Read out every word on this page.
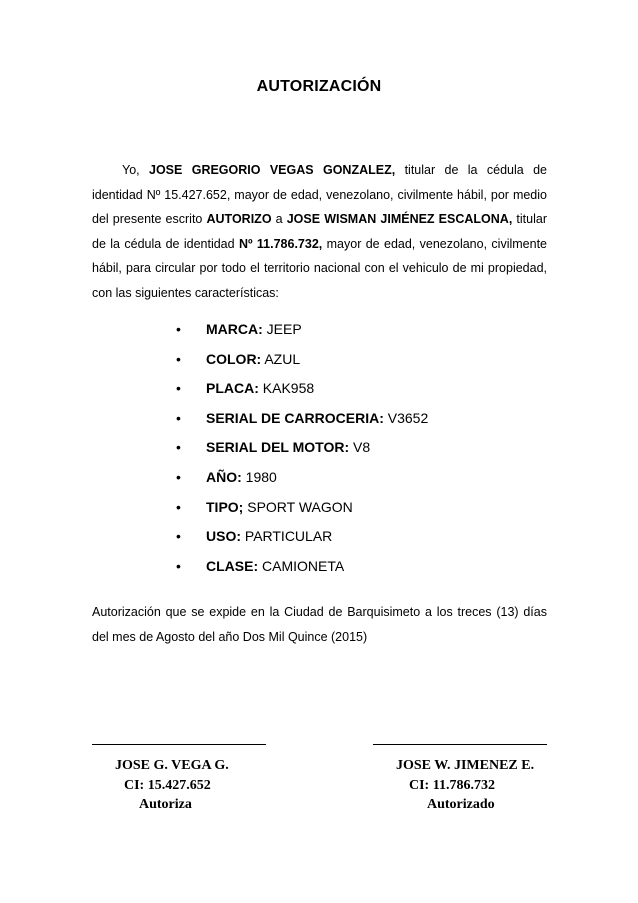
AUTORIZACIÓN
Yo, JOSE GREGORIO VEGAS GONZALEZ, titular de la cédula de identidad Nº 15.427.652, mayor de edad, venezolano, civilmente hábil, por medio del presente escrito AUTORIZO a JOSE WISMAN JIMÉNEZ ESCALONA, titular de la cédula de identidad Nº 11.786.732, mayor de edad, venezolano, civilmente hábil, para circular por todo el territorio nacional con el vehiculo de mi propiedad, con las siguientes características:
• MARCA: JEEP
• COLOR: AZUL
• PLACA: KAK958
• SERIAL DE CARROCERIA: V3652
• SERIAL DEL MOTOR: V8
• AÑO: 1980
• TIPO; SPORT WAGON
• USO: PARTICULAR
• CLASE: CAMIONETA
Autorización que se expide en la Ciudad de Barquisimeto a los treces (13) días del mes de Agosto del año Dos Mil Quince (2015)
JOSE G. VEGA G.
CI: 15.427.652
Autoriza
JOSE W. JIMENEZ E.
CI: 11.786.732
Autorizado
